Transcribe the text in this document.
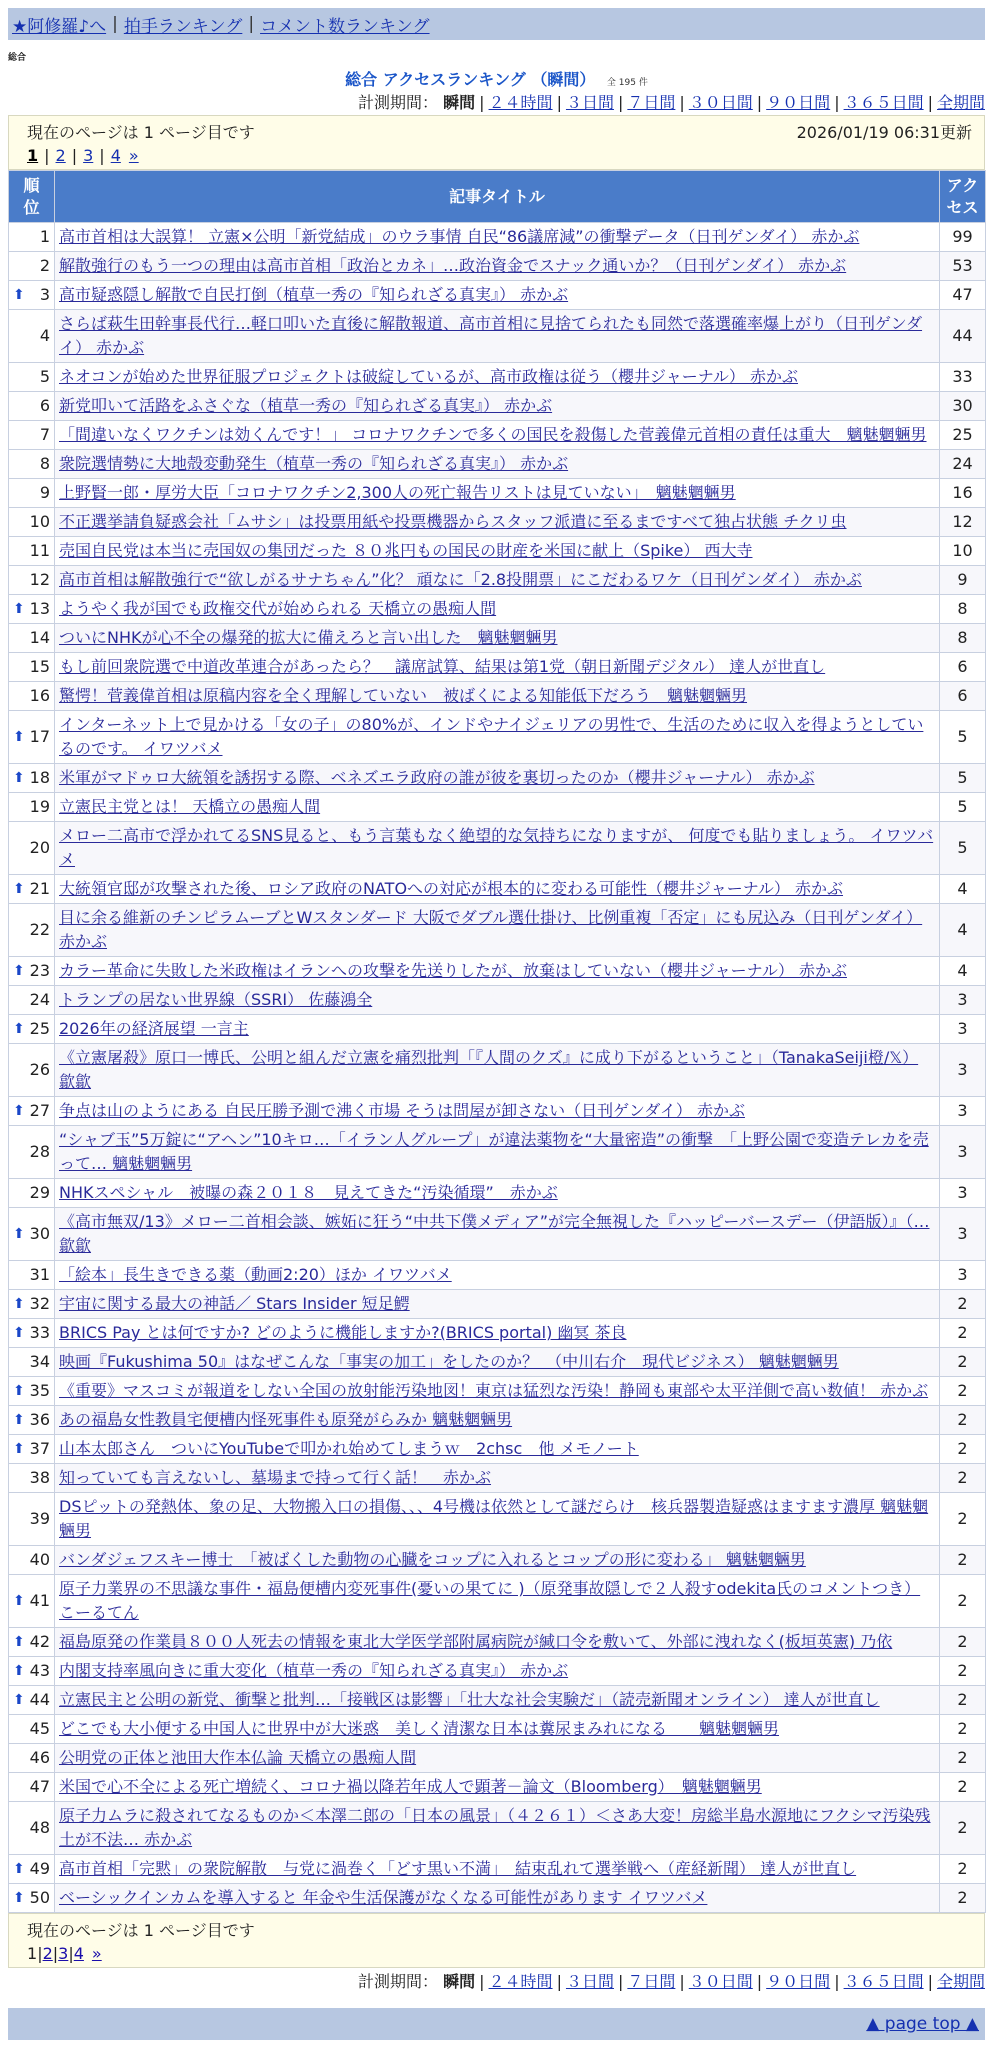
★阿修羅♪へ | 拍手ランキング | コメント数ランキング
総合
総合 アクセスランキング （瞬間） 全 195 件
計測期間： 瞬間 | ２４時間 | ３日間 | ７日間 | ３０日間 | ９０日間 | ３６５日間 | 全期間
現在のページは 1 ページ目です	2026/01/19 06:31更新
1 | 2 | 3 | 4 »
順位	記事タイトル	アクセス
1	高市首相は大誤算！ 立憲×公明「新党結成」のウラ事情 自民“86議席減”の衝撃データ（日刊ゲンダイ） 赤かぶ	99
2	解散強行のもう一つの理由は高市首相「政治とカネ」…政治資金でスナック通いか？（日刊ゲンダイ） 赤かぶ	53

⬆ 3	高市疑惑隠し解散で自民打倒（植草一秀の『知られざる真実』） 赤かぶ	47
4	さらば萩生田幹事長代行…軽口叩いた直後に解散報道、高市首相に見捨てられたも同然で落選確率爆上がり（日刊ゲンダイ） 赤かぶ	44
5	ネオコンが始めた世界征服プロジェクトは破綻しているが、高市政権は従う（櫻井ジャーナル） 赤かぶ	33
6	新党叩いて活路をふさぐな（植草一秀の『知られざる真実』） 赤かぶ	30
7	「間違いなくワクチンは効くんです！」 コロナワクチンで多くの国民を殺傷した菅義偉元首相の責任は重大　魑魅魍魎男	25
8	衆院選情勢に大地殻変動発生（植草一秀の『知られざる真実』） 赤かぶ	24
9	上野賢一郎・厚労大臣「コロナワクチン2,300人の死亡報告リストは見ていない」　魑魅魍魎男	16
10	不正選挙請負疑惑会社「ムサシ」は投票用紙や投票機器からスタッフ派遣に至るまですべて独占状態 チクリ虫	12
11	売国自民党は本当に売国奴の集団だった ８０兆円もの国民の財産を米国に献上（Spike） 西大寺	10
12	高市首相は解散強行で“欲しがるサナちゃん”化？ 頑なに「2.8投開票」にこだわるワケ（日刊ゲンダイ） 赤かぶ	9

⬆ 13	ようやく我が国でも政権交代が始められる 天橋立の愚痴人間	8
14	ついにNHKが心不全の爆発的拡大に備えろと言い出した　魑魅魍魎男	8
15	もし前回衆院選で中道改革連合があったら？　議席試算、結果は第1党（朝日新聞デジタル） 達人が世直し	6
16	驚愕！菅義偉首相は原稿内容を全く理解していない　被ばくによる知能低下だろう　魑魅魍魎男	6

⬆ 17	インターネット上で見かける「女の子」の80%が、インドやナイジェリアの男性で、生活のために収入を得ようとしているのです。 イワツバメ	5

⬆ 18	米軍がマドゥロ大統領を誘拐する際、ベネズエラ政府の誰が彼を裏切ったのか（櫻井ジャーナル） 赤かぶ	5
19	立憲民主党とは！ 天橋立の愚痴人間	5
20	メロー二高市で浮かれてるSNS見ると、もう言葉もなく絶望的な気持ちになりますが、 何度でも貼りましょう。 イワツバメ	5

⬆ 21	大統領官邸が攻撃された後、ロシア政府のNATOへの対応が根本的に変わる可能性（櫻井ジャーナル） 赤かぶ	4
22	目に余る維新のチンピラムーブとWスタンダード 大阪でダブル選仕掛け、比例重複「否定」にも尻込み（日刊ゲンダイ） 赤かぶ	4

⬆ 23	カラー革命に失敗した米政権はイランへの攻撃を先送りしたが、放棄はしていない（櫻井ジャーナル） 赤かぶ	4
24	トランプの居ない世界線（SSRI） 佐藤鴻全	3

⬆ 25	2026年の経済展望 一言主	3
26	《立憲屠殺》原口一博氏、公明と組んだ立憲を痛烈批判「『人間のクズ』に成り下がるということ」（TanakaSeiji橙/𝕏） 歙歙	3

⬆ 27	争点は山のようにある 自民圧勝予測で沸く市場 そうは問屋が卸さない（日刊ゲンダイ） 赤かぶ	3
28	“シャブ玉”5万錠に“アヘン”10キロ…「イラン人グループ」が違法薬物を“大量密造”の衝撃　「上野公園で変造テレカを売って… 魑魅魍魎男	3
29	NHKスペシャル　被曝の森２０１８　見えてきた“汚染循環”　赤かぶ	3

⬆ 30	《高市無双/13》メロー二首相会談、嫉妬に狂う“中共下僕メディア”が完全無視した『ハッピーバースデー（伊語版）』（… 歙歙	3
31	「絵本」長生きできる薬（動画2:20）ほか イワツバメ	3

⬆ 32	宇宙に関する最大の神話／ Stars Insider 短足鰐	2

⬆ 33	BRICS Pay とは何ですか? どのように機能しますか?(BRICS portal) 幽冥 茶良	2
34	映画『Fukushima 50』はなぜこんな「事実の加工」をしたのか？　（中川右介　現代ビジネス） 魑魅魍魎男	2

⬆ 35	《重要》マスコミが報道をしない全国の放射能汚染地図！東京は猛烈な汚染！静岡も東部や太平洋側で高い数値！ 赤かぶ	2

⬆ 36	あの福島女性教員宅便槽内怪死事件も原発がらみか 魑魅魍魎男	2

⬆ 37	山本太郎さん　ついにYouTubeで叩かれ始めてしまうｗ　2chsc　他 メモノート	2
38	知っていても言えないし、墓場まで持って行く話！　赤かぶ	2
39	DSピットの発熱体、象の足、大物搬入口の損傷、、、4号機は依然として謎だらけ　核兵器製造疑惑はますます濃厚 魑魅魍魎男	2
40	バンダジェフスキー博士　「被ばくした動物の心臓をコップに入れるとコップの形に変わる」 魑魅魍魎男	2

⬆ 41	原子力業界の不思議な事件・福島便槽内変死事件(憂いの果てに )（原発事故隠しで２人殺すodekita氏のコメントつき） こーるてん	2

⬆ 42	福島原発の作業員８００人死去の情報を東北大学医学部附属病院が緘口令を敷いて、外部に洩れなく(板垣英憲) 乃依	2

⬆ 43	内閣支持率風向きに重大変化（植草一秀の『知られざる真実』） 赤かぶ	2

⬆ 44	立憲民主と公明の新党、衝撃と批判…「接戦区は影響」「壮大な社会実験だ」（読売新聞オンライン） 達人が世直し	2
45	どこでも大小便する中国人に世界中が大迷惑　美しく清潔な日本は糞尿まみれになる　　魑魅魍魎男	2
46	公明党の正体と池田大作本仏論 天橋立の愚痴人間	2
47	米国で心不全による死亡増続く、コロナ禍以降若年成人で顕著－論文（Bloomberg）　魑魅魍魎男	2
48	原子力ムラに殺されてなるものか＜本澤二郎の「日本の風景」（４２６１）＜さあ大変！房総半島水源地にフクシマ汚染残土が不法… 赤かぶ	2

⬆ 49	高市首相「完黙」の衆院解散　与党に渦巻く「どす黒い不満」　結束乱れて選挙戦へ（産経新聞） 達人が世直し	2

⬆ 50	ベーシックインカムを導入すると 年金や生活保護がなくなる可能性があります イワツバメ	2
現在のページは 1 ページ目です
1 | 2 | 3 | 4 »
計測期間： 瞬間 | ２４時間 | ３日間 | ７日間 | ３０日間 | ９０日間 | ３６５日間 | 全期間
▲ page top ▲
